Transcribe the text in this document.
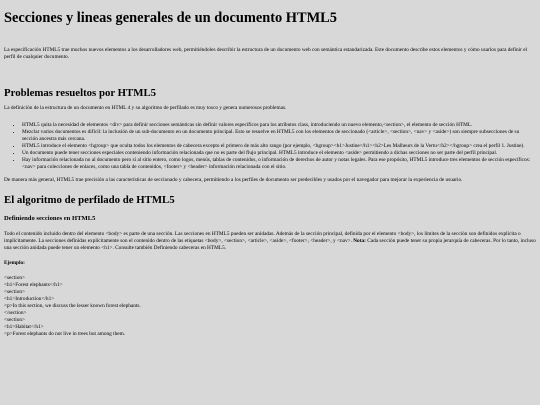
Secciones y lineas generales de un documento HTML5

La especificación HTML5 trae muchos nuevos elementos a los desarrolladores web, permitiéndoles describir la estructura de un documento web con semántica estandarizada. Este documento describe estos elementos y cómo usarlos para definir el perfil de cualquier documento.

Problemas resueltos por HTML5

La definición de la estructura de un documento en HTML 4 y su algoritmo de perfilado es muy tosco y genera numerosos problemas.

• HTML5 quita la necesidad de elementos <div> para definir secciones semánticas sin definir valores específicos para los atributos class, introduciendo un nuevo elemento,<section>, el elemento de sección HTML.
• Mezclar varios documentos es difícil: la inclusión de un sub-documento en un documento principal. Esto se resuelve en HTML5 con los elementos de seccionado (<article>, <section>, <nav> y <aside>) son siempre subsecciones de su sección ancestra más cercana.
• HTML5 introduce el elemento <hgroup> que oculta todos los elementos de cabecera excepto el primero de más alto rango (por ejemplo, <hgroup><h1>Justine</h1><h2>Les Malheurs de la Vertu</h2></hgroup> crea el perfil 1. Justine).
• Un documento puede tener secciones especiales conteniendo información relacionada que no es parte del flujo principal. HTML5 introduce el elemento <aside> permitiendo a dichas secciones no ser parte del perfil principal.
• Hay información relacionada no al documento pero sí al sitio entero, como logos, menús, tablas de contenidos, o información de derechos de autor y notas legales. Para ese propósito, HTML5 introduce tres elementos de sección específicos: <nav> para colecciones de enlaces, como una tabla de contenidos, <footer> y <header> información relacionada con el sitio.

De manera más general, HTML5 trae precisión a las características de seccionado y cabecera, permitiendo a los perfiles de documento ser predecibles y usados por el navegador para mejorar la experiencia de usuario.

El algoritmo de perfilado de HTML5
Definiendo secciones en HTML5

Todo el contenido incluido dentro del elemento <body> es parte de una sección. Las secciones en HTML5 pueden ser anidadas. Además de la sección principal, definida por el elemento <body>, los límites de la sección son definidos explícita o implícitamente. La secciones definidas explícitamente son el contenido dentro de las etiquetas <body>, <section>, <article>, <aside>, <footer>, <header>, y <nav>. Nota: Cada sección puede tener su propia jerarquía de cabeceras. Por lo tanto, incluso una sección anidada puede tener un elemento <h1>. Consulte también Definiendo cabeceras en HTML5.

Ejemplo:

<section>
<h1>Forest elephants</h1>
<section>
<h1>Introduction</h1>
<p>In this section, we discuss the lesser known forest elephants.
</section>
<section>
<h1>Habitat</h1>
<p>Forest elephants do not live in trees but among them.
